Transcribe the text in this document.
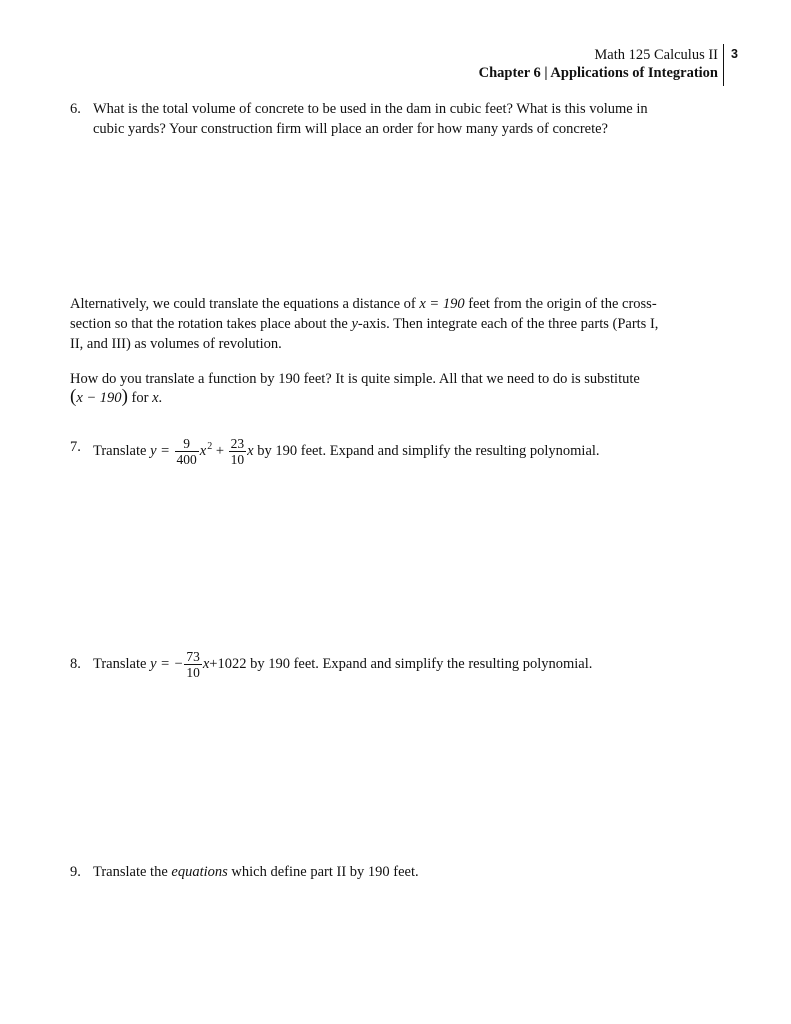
Math 125 Calculus II
Chapter 6 | Applications of Integration
3
6. What is the total volume of concrete to be used in the dam in cubic feet? What is this volume in
cubic yards? Your construction firm will place an order for how many yards of concrete?
Alternatively, we could translate the equations a distance of x = 190 feet from the origin of the cross-
section so that the rotation takes place about the y-axis. Then integrate each of the three parts (Parts I,
II, and III) as volumes of revolution.
How do you translate a function by 190 feet? It is quite simple. All that we need to do is substitute
(x − 190) for x.
7. Translate $y = \frac{9}{400} x^2 + \frac{23}{10}$ x by 190 feet. Expand and simplify the resulting polynomial.
8. Translate y = − $\frac{73}{10} x+1022$ by 190 feet. Expand and simplify the resulting polynomial.
9. Translate the equations which define part II by 190 feet.
